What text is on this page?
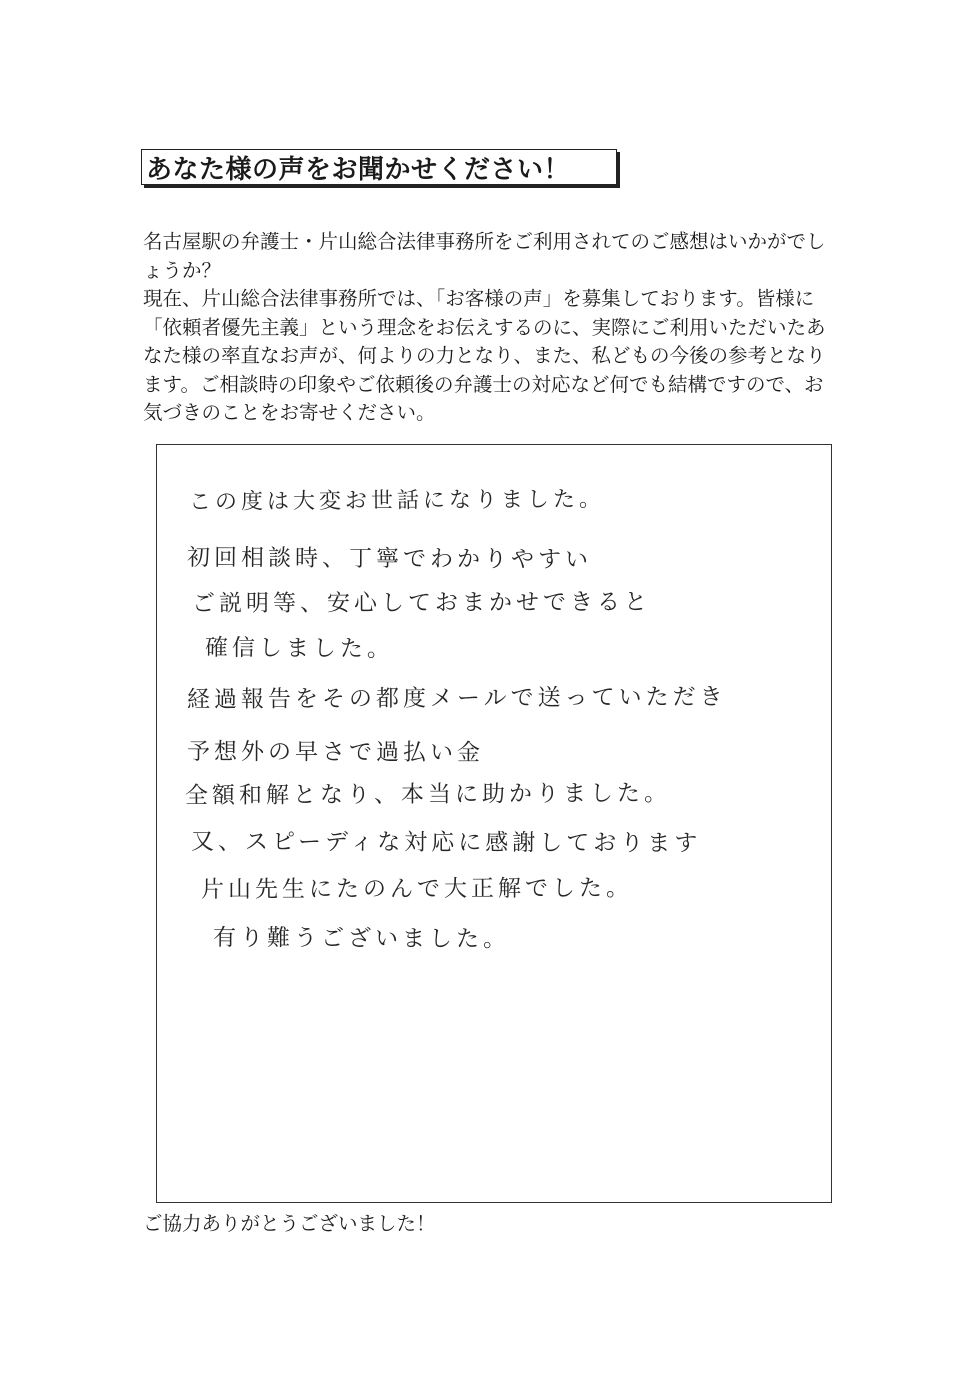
あなた様の声をお聞かせください！

名古屋駅の弁護士・片山総合法律事務所をご利用されてのご感想はいかがでしょうか？

現在、片山総合法律事務所では、「お客様の声」を募集しております。皆様に「依頼者優先主義」という理念をお伝えするのに、実際にご利用いただいたあなた様の率直なお声が、何よりの力となり、また、私どもの今後の参考となります。ご相談時の印象やご依頼後の弁護士の対応など何でも結構ですので、お気づきのことをお寄せください。

この度は大変お世話になりました。
初回相談時、丁寧でわかりやすい
ご説明等、安心しておまかせできると
確信しました。
経過報告をその都度メールで送っていただき
予想外の早さで過払い金
全額和解となり、本当に助かりました。
又、スピーディな対応に感謝しております
片山先生にたのんで大正解でした。
有り難うございました。
ご協力ありがとうございました！
